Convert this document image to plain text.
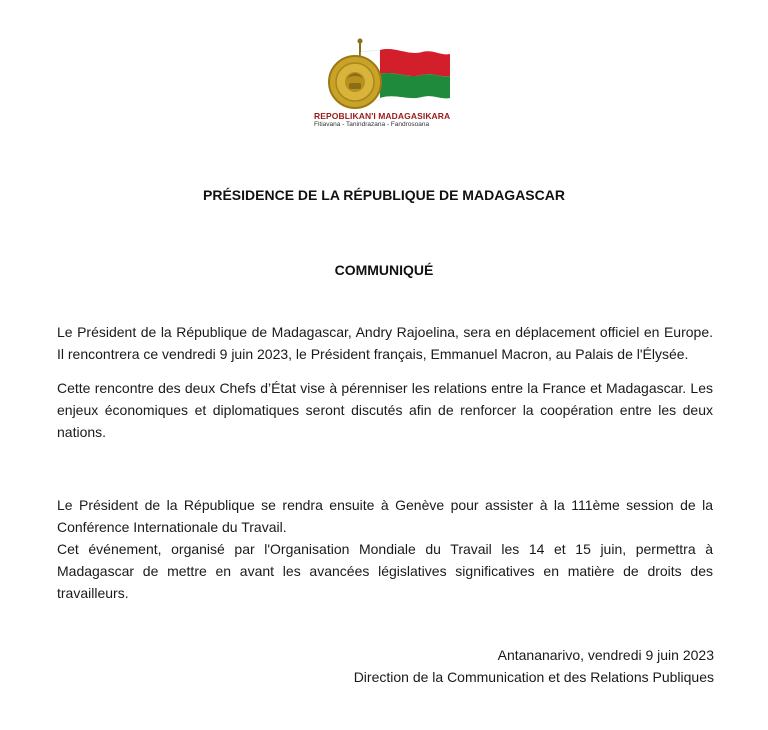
REPOBLIKAN'I MADAGASIKARA
Fitiavana - Tanindrazana - Fandrosoana
PRÉSIDENCE DE LA RÉPUBLIQUE DE MADAGASCAR
COMMUNIQUÉ
Le Président de la République de Madagascar, Andry Rajoelina, sera en déplacement officiel en Europe. Il rencontrera ce vendredi 9 juin 2023, le Président français, Emmanuel Macron, au Palais de l'Élysée.
Cette rencontre des deux Chefs d’État vise à pérenniser les relations entre la France et Madagascar. Les enjeux économiques et diplomatiques seront discutés afin de renforcer la coopération entre les deux nations.
Le Président de la République se rendra ensuite à Genève pour assister à la 111ème session de la Conférence Internationale du Travail.
Cet événement, organisé par l'Organisation Mondiale du Travail les 14 et 15 juin, permettra à Madagascar de mettre en avant les avancées législatives significatives en matière de droits des travailleurs.
Antananarivo, vendredi 9 juin 2023
Direction de la Communication et des Relations Publiques
